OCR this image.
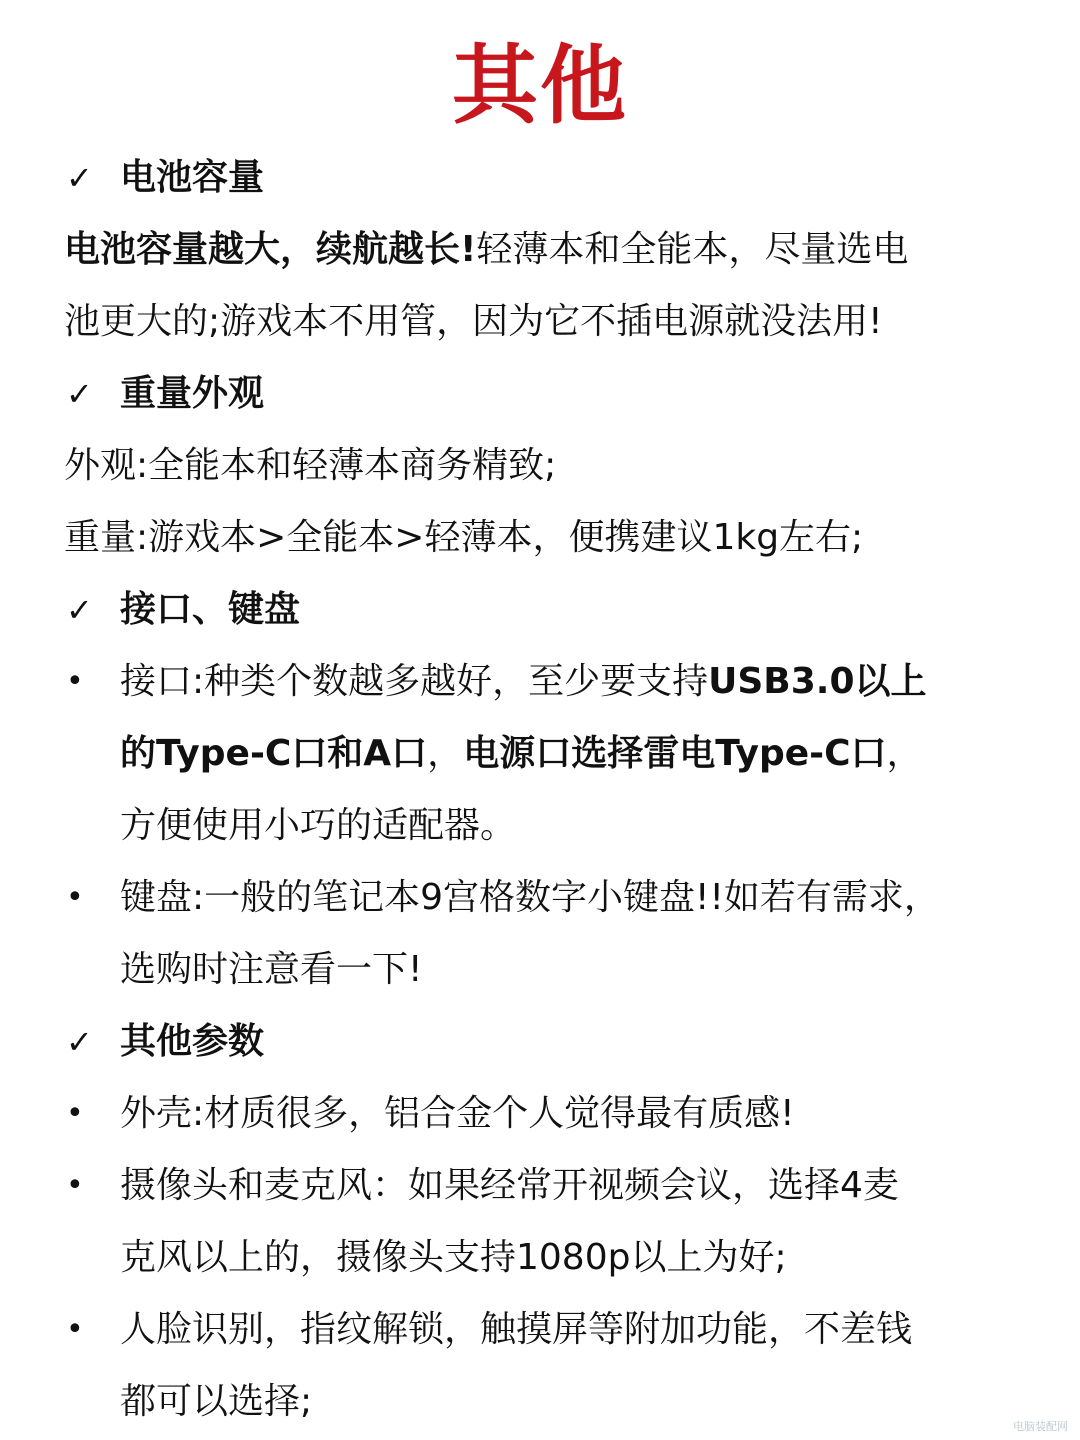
其他
✓ 电池容量
电池容量越大，续航越长!轻薄本和全能本，尽量选电
池更大的;游戏本不用管，因为它不插电源就没法用!
✓ 重量外观
外观:全能本和轻薄本商务精致;
重量:游戏本>全能本>轻薄本，便携建议1kg左右;
✓ 接口、键盘
• 接口:种类个数越多越好，至少要支持USB3.0以上
的Type-C口和A口，电源口选择雷电Type-C口，
方便使用小巧的适配器。
• 键盘:一般的笔记本9宫格数字小键盘!!如若有需求，
选购时注意看一下!
✓ 其他参数
• 外壳:材质很多，铝合金个人觉得最有质感!
• 摄像头和麦克风：如果经常开视频会议，选择4麦
克风以上的，摄像头支持1080p以上为好;
• 人脸识别，指纹解锁，触摸屏等附加功能，不差钱
都可以选择;
电脑装配网
